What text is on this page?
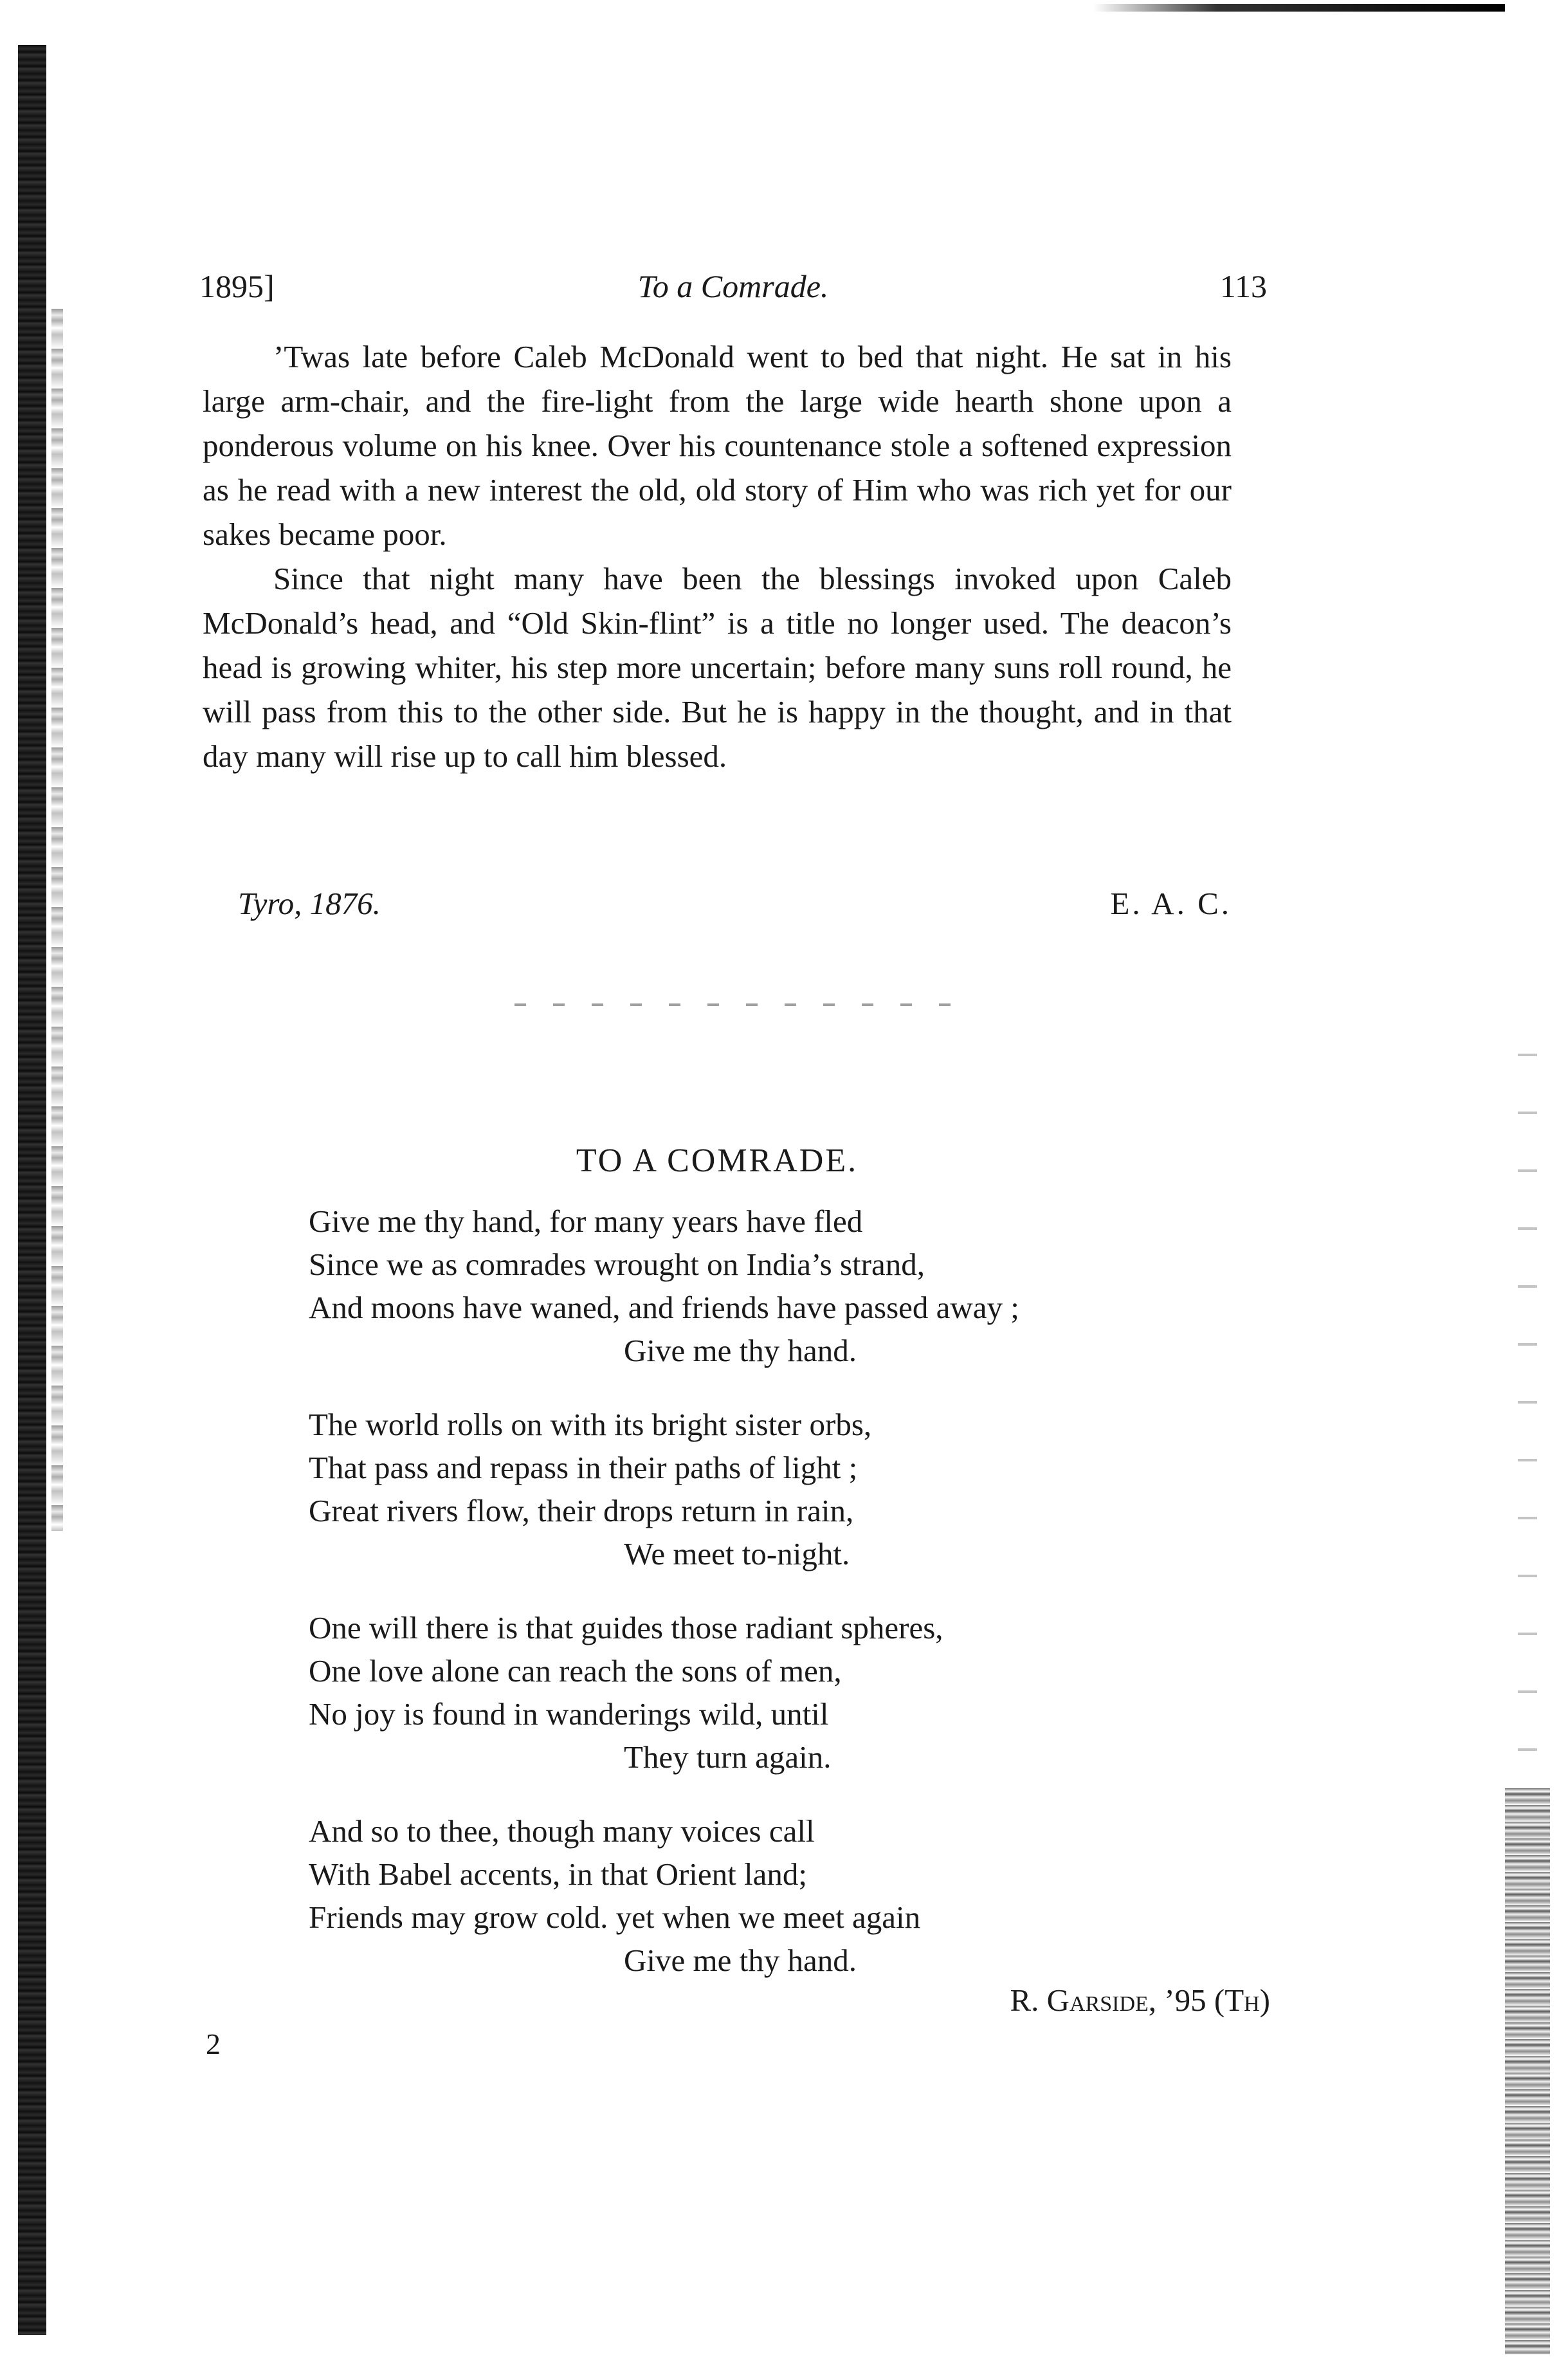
1895]	To a Comrade.	113

’Twas late before Caleb McDonald went to bed that night. He sat in his large arm-chair, and the fire-light from the large wide hearth shone upon a ponderous volume on his knee. Over his countenance stole a softened expression as he read with a new interest the old, old story of Him who was rich yet for our sakes became poor.

Since that night many have been the blessings invoked upon Caleb McDonald’s head, and “Old Skin-flint” is a title no longer used. The deacon’s head is growing whiter, his step more uncertain; before many suns roll round, he will pass from this to the other side. But he is happy in the thought, and in that day many will rise up to call him blessed.

Tyro, 1876.	E. A. C.
TO A COMRADE.
Give me thy hand, for many years have fled
Since we as comrades wrought on India’s strand,
And moons have waned, and friends have passed away ;
Give me thy hand.
The world rolls on with its bright sister orbs,
That pass and repass in their paths of light ;
Great rivers flow, their drops return in rain,
We meet to-night.
One will there is that guides those radiant spheres,
One love alone can reach the sons of men,
No joy is found in wanderings wild, until
They turn again.
And so to thee, though many voices call
With Babel accents, in that Orient land;
Friends may grow cold. yet when we meet again
Give me thy hand.
R. Garside, ’95 (Th)
2
